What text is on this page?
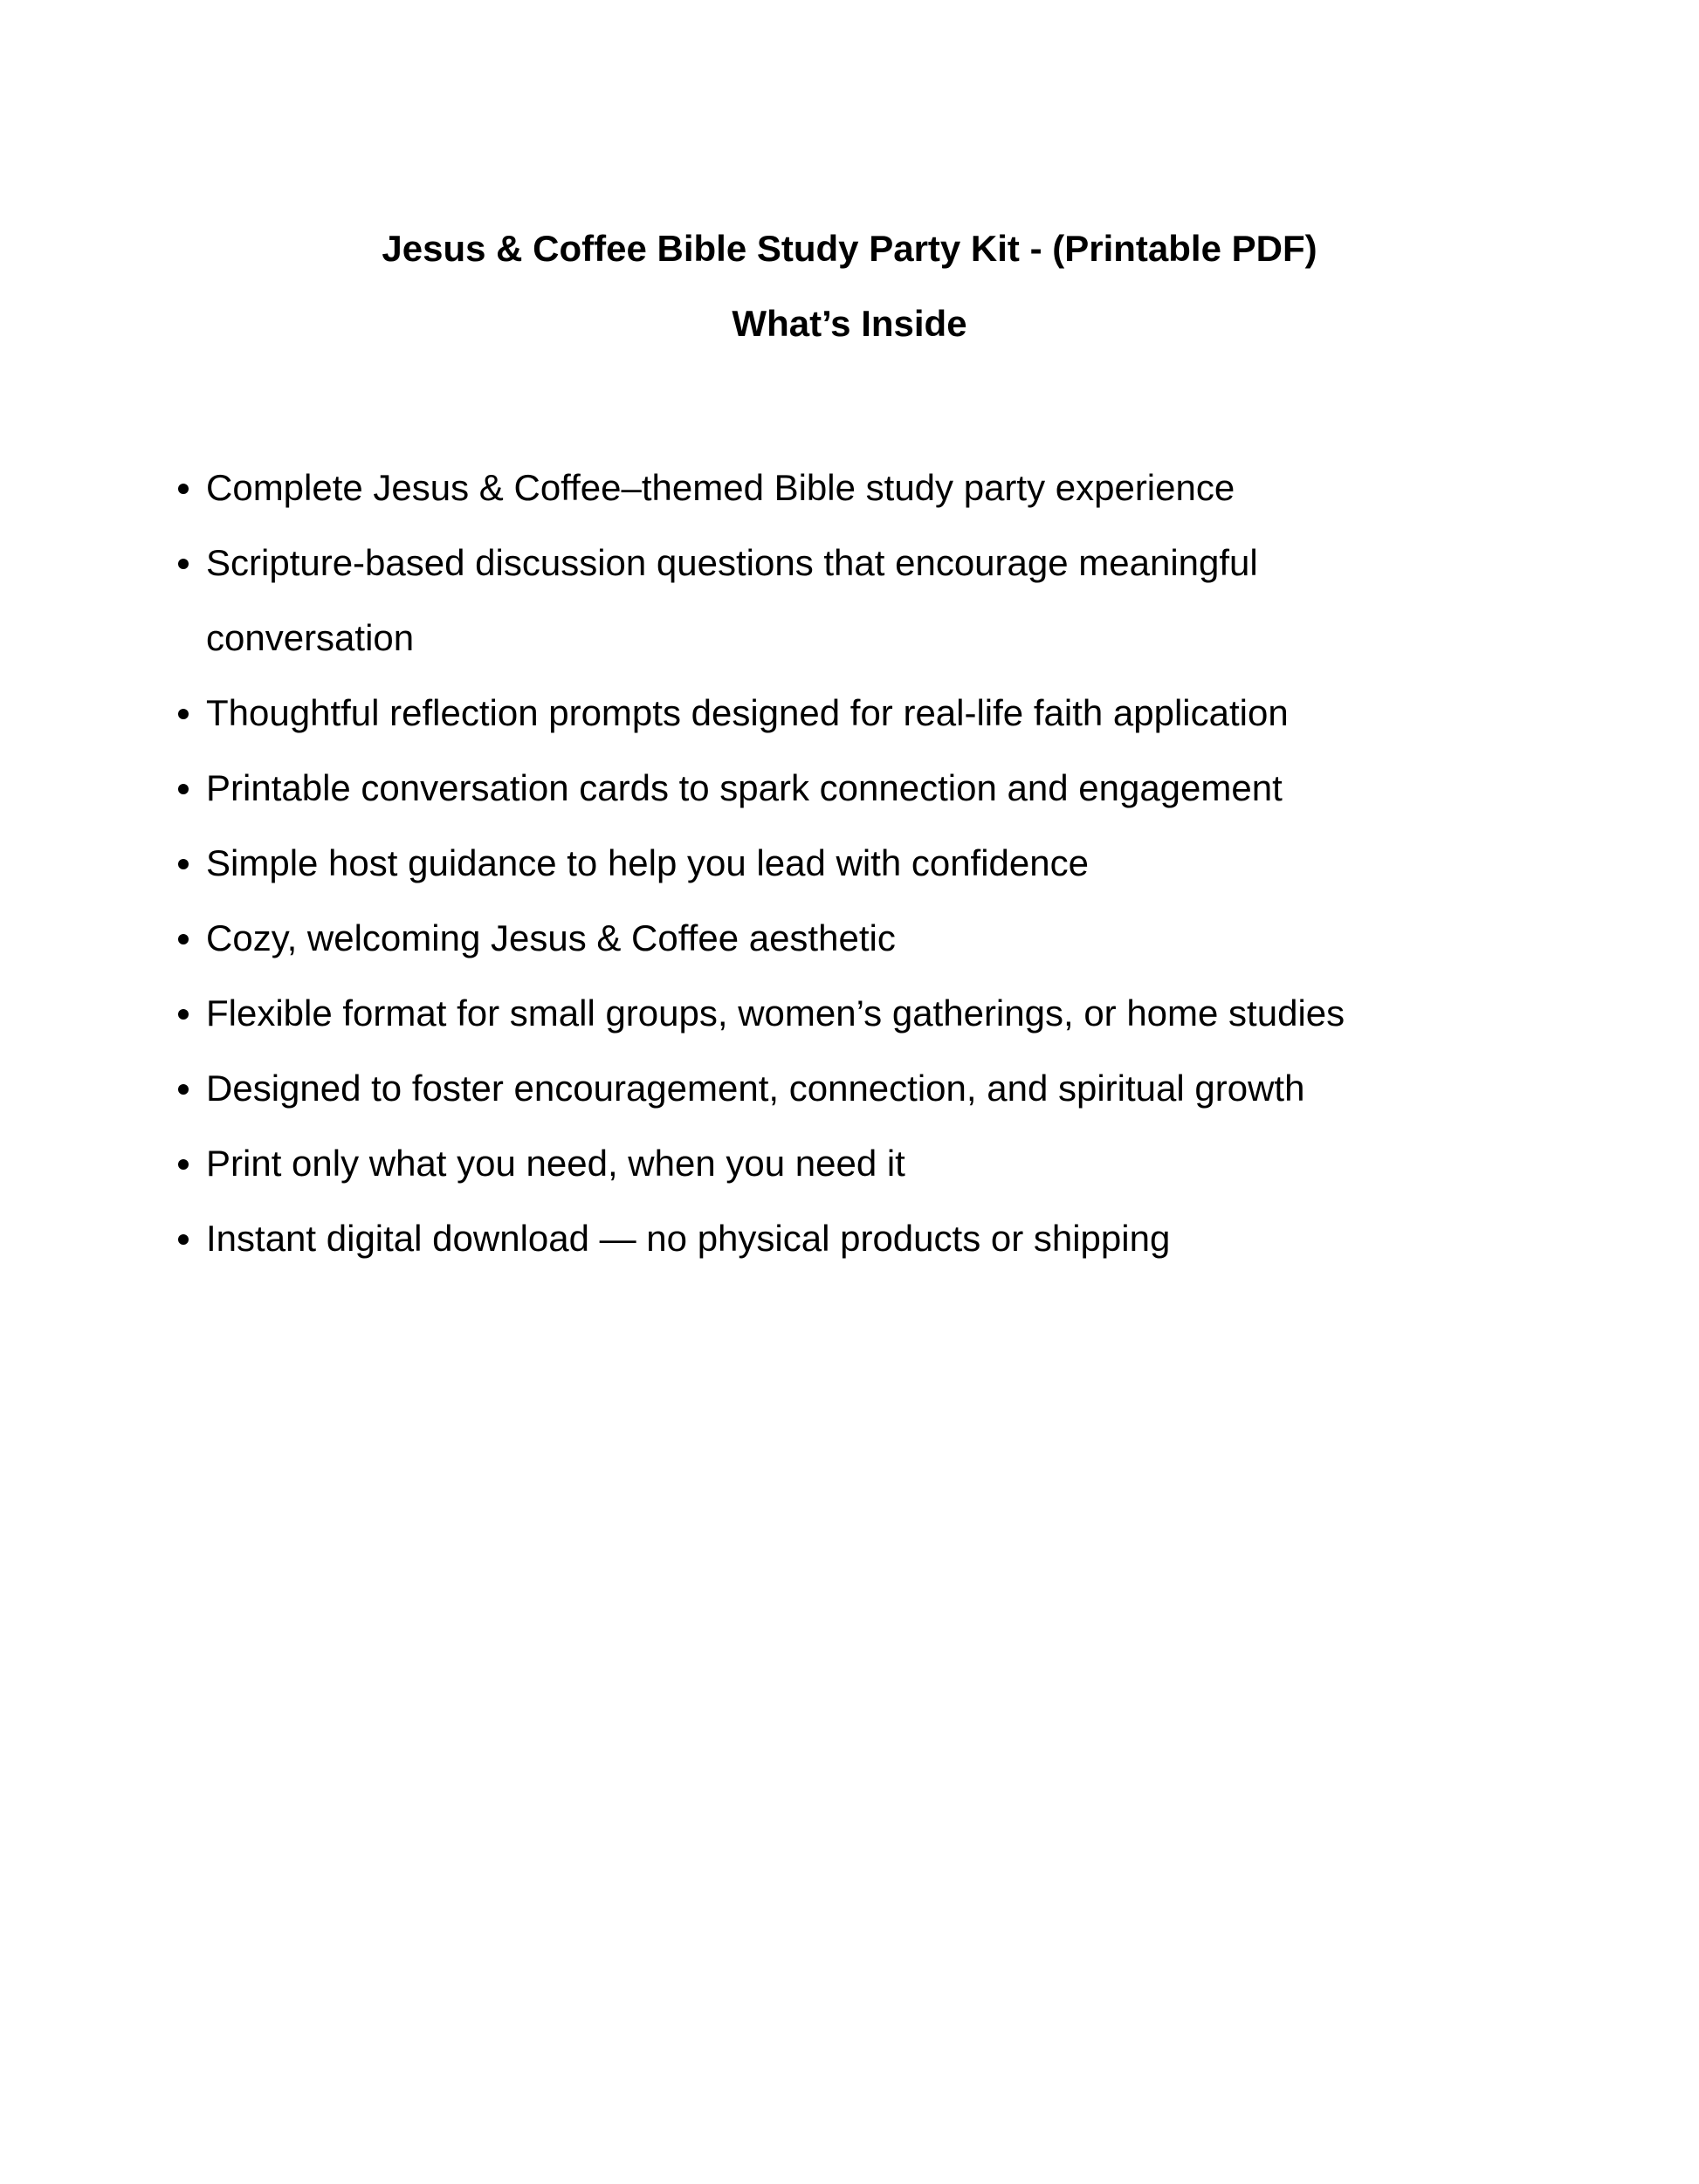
Jesus & Coffee Bible Study Party Kit - (Printable PDF)
What’s Inside
Complete Jesus & Coffee–themed Bible study party experience
Scripture-based discussion questions that encourage meaningful conversation
Thoughtful reflection prompts designed for real-life faith application
Printable conversation cards to spark connection and engagement
Simple host guidance to help you lead with confidence
Cozy, welcoming Jesus & Coffee aesthetic
Flexible format for small groups, women’s gatherings, or home studies
Designed to foster encouragement, connection, and spiritual growth
Print only what you need, when you need it
Instant digital download — no physical products or shipping
